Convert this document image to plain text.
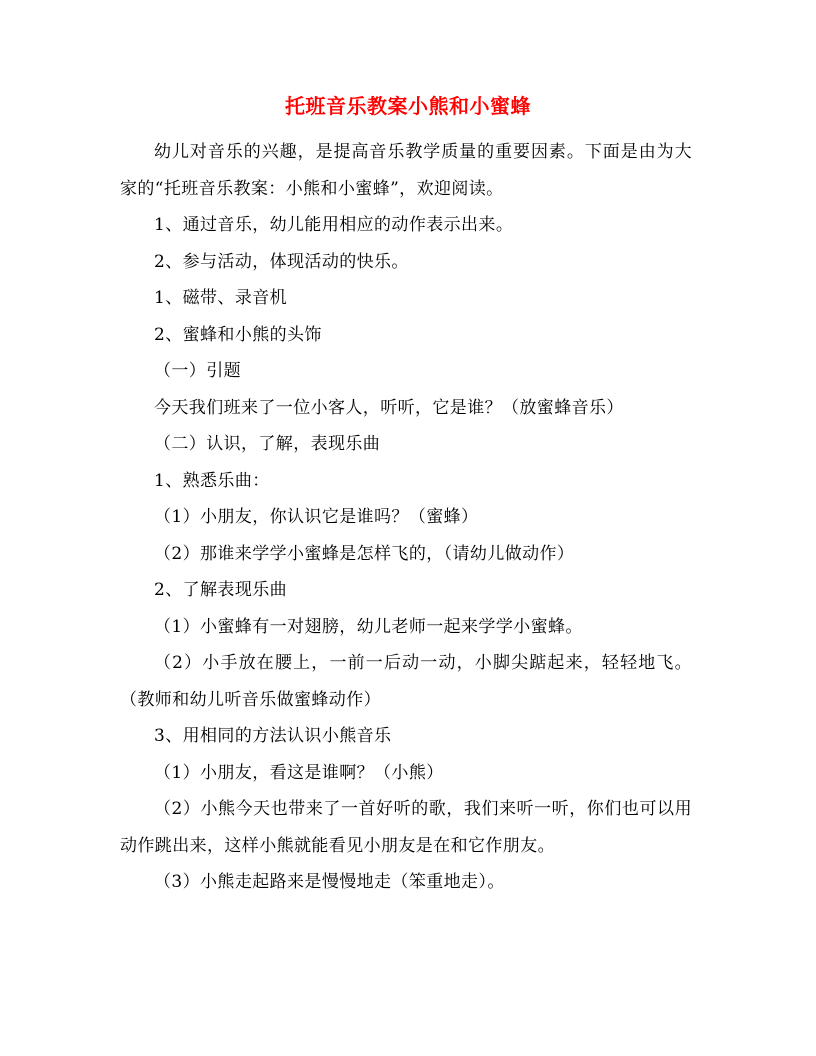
托班音乐教案小熊和小蜜蜂

幼儿对音乐的兴趣，是提高音乐教学质量的重要因素。下面是由为大家的“托班音乐教案：小熊和小蜜蜂”，欢迎阅读。

1、通过音乐，幼儿能用相应的动作表示出来。

2、参与活动，体现活动的快乐。

1、磁带、录音机

2、蜜蜂和小熊的头饰

（一）引题

今天我们班来了一位小客人，听听，它是谁？（放蜜蜂音乐）

（二）认识，了解，表现乐曲

1、熟悉乐曲：

（1）小朋友，你认识它是谁吗？（蜜蜂）

（2）那谁来学学小蜜蜂是怎样飞的，（请幼儿做动作）

2、了解表现乐曲

（1）小蜜蜂有一对翅膀，幼儿老师一起来学学小蜜蜂。

（2）小手放在腰上，一前一后动一动，小脚尖踮起来，轻轻地飞。（教师和幼儿听音乐做蜜蜂动作）

3、用相同的方法认识小熊音乐

（1）小朋友，看这是谁啊？（小熊）

（2）小熊今天也带来了一首好听的歌，我们来听一听，你们也可以用动作跳出来，这样小熊就能看见小朋友是在和它作朋友。

（3）小熊走起路来是慢慢地走（笨重地走）。
